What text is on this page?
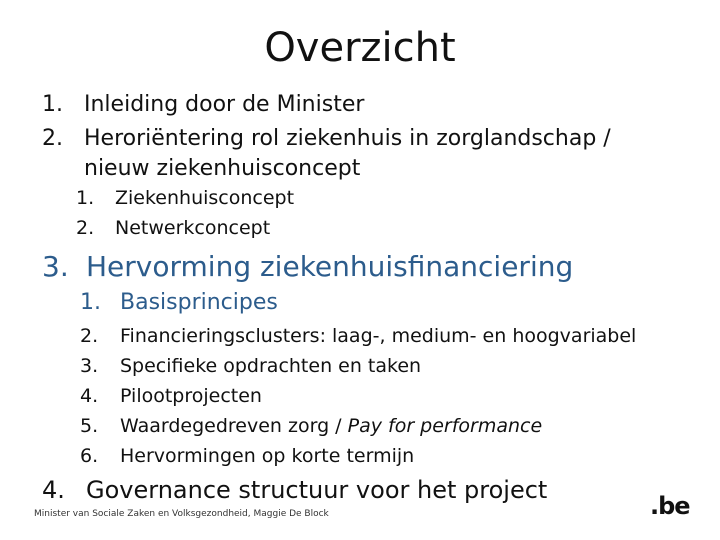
Overzicht
1. Inleiding door de Minister
2. Heroriëntering rol ziekenhuis in zorglandschap /
nieuw ziekenhuisconcept
1. Ziekenhuisconcept
2. Netwerkconcept
3. Hervorming ziekenhuisfinanciering
1. Basisprincipes
2. Financieringsclusters: laag-, medium- en hoogvariabel
3. Specifieke opdrachten en taken
4. Pilootprojecten
5. Waardegedreven zorg / Pay for performance
6. Hervormingen op korte termijn
4. Governance structuur voor het project
Minister van Sociale Zaken en Volksgezondheid, Maggie De Block	.be
